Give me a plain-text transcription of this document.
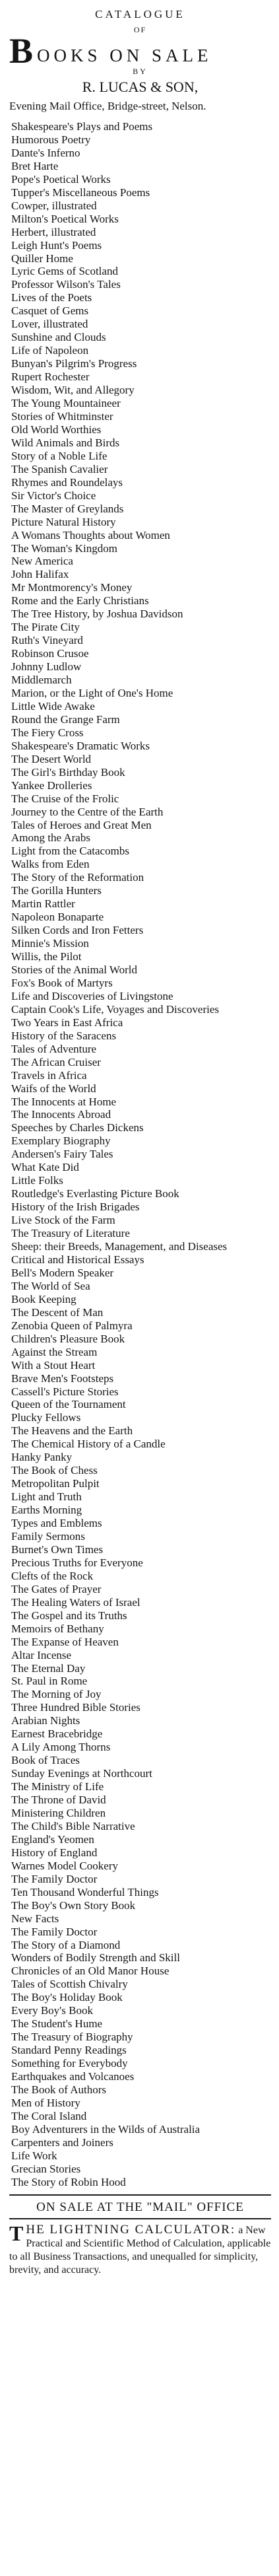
CATALOGUE
OF
B OOKS ON SALE
BY
R. LUCAS & SON,
Evening Mail Office, Bridge-street, Nelson.
Shakespeare's Plays and Poems
Humorous Poetry
Dante's Inferno
Bret Harte
Pope's Poetical Works
Tupper's Miscellaneous Poems
Cowper, illustrated
Milton's Poetical Works
Herbert, illustrated
Leigh Hunt's Poems
Quiller Home
Lyric Gems of Scotland
Professor Wilson's Tales
Lives of the Poets
Casquet of Gems
Lover, illustrated
Sunshine and Clouds
Life of Napoleon
Bunyan's Pilgrim's Progress
Rupert Rochester
Wisdom, Wit, and Allegory
The Young Mountaineer
Stories of Whitminster
Old World Worthies
Wild Animals and Birds
Story of a Noble Life
The Spanish Cavalier
Rhymes and Roundelays
Sir Victor's Choice
The Master of Greylands
Picture Natural History
A Womans Thoughts about Women
The Woman's Kingdom
New Americа
John Halifax
Mr Montmorency's Money
Rome and the Early Christians
The Tree History, by Joshua Davidson
The Pirate City
Ruth's Vineyard
Robinson Crusoe
Johnny Ludlow
Middlemarch
Marion, or the Light of One's Home
Little Wide Awake
Round the Grange Farm
The Fiery Cross
Shakespeare's Dramatic Works
The Desert World
The Girl's Birthday Book
Yankee Drolleries
The Cruise of the Frolic
Journey to the Centre of the Earth
Tales of Heroes and Great Men
Among the Arabs
Light from the Catacombs
Walks from Eden
The Story of the Reformation
The Gorilla Hunters
Martin Rattler
Napoleon Bonaparte
Silken Cords and Iron Fetters
Minnie's Mission
Willis, the Pilot
Stories of the Animal World
Fox's Book of Martyrs
Life and Discoveries of Livingstone
Captain Cook's Life, Voyages and Discoveries
Two Years in East Africa
History of the Saracens
Tales of Adventure
The African Cruiser
Travels in Africa
Waifs of the World
The Innocents at Home
The Innocents Abroad
Speeches by Charles Dickens
Exemplary Biography
Andersen's Fairy Tales
What Kate Did
Little Folks
Routledge's Everlasting Picture Book
History of the Irish Brigades
Live Stock of the Farm
The Treasury of Literature
Sheep: their Breeds, Management, and Diseases
Critical and Historical Essays
Bell's Modern Speaker
The World of Sea
Book Keeping
The Descent of Man
Zenobia Queen of Palmyra
Children's Pleasure Book
Against the Stream
With a Stout Heart
Brave Men's Footsteps
Cassell's Picture Stories
Queen of the Tournament
Plucky Fellows
The Heavens and the Earth
The Chemical History of a Candle
Hanky Panky
The Book of Chess
Metropolitan Pulpit
Light and Truth
Earths Morning
Types and Emblems
Family Sermons
Burnet's Own Times
Precious Truths for Everyone
Clefts of the Rock
The Gates of Prayer
The Healing Waters of Israel
The Gospel and its Truths
Memoirs of Bethany
The Expanse of Heaven
Altar Incense
The Eternal Day
St. Paul in Rome
The Morning of Joy
Three Hundred Bible Stories
Arabian Nights
Earnest Bracebridge
A Lily Among Thorns
Book of Traces
Sunday Evenings at Northcourt
The Ministry of Life
The Throne of David
Ministering Children
The Child's Bible Narrative
England's Yeomen
History of England
Warnes Model Cookery
The Family Doctor
Ten Thousand Wonderful Things
The Boy's Own Story Book
New Facts
The Family Doctor
The Story of a Diamond
Wonders of Bodily Strength and Skill
Chronicles of an Old Manor House
Tales of Scottish Chivalry
The Boy's Holiday Book
Every Boy's Book
The Student's Hume
The Treasury of Biography
Standard Penny Readings
Something for Everybody
Earthquakes and Volcanoes
The Book of Authors
Men of History
The Coral Island
Boy Adventurers in the Wilds of Australia
Carpenters and Joiners
Life Work
Grecian Stories
The Story of Robin Hood
ON SALE AT THE "MAIL" OFFICE
THE LIGHTNING CALCULATOR: a New Practical and Scientific Method of Calculation, applicable to all Business Transactions, and unequalled for simplicity, brevity, and accuracy.
